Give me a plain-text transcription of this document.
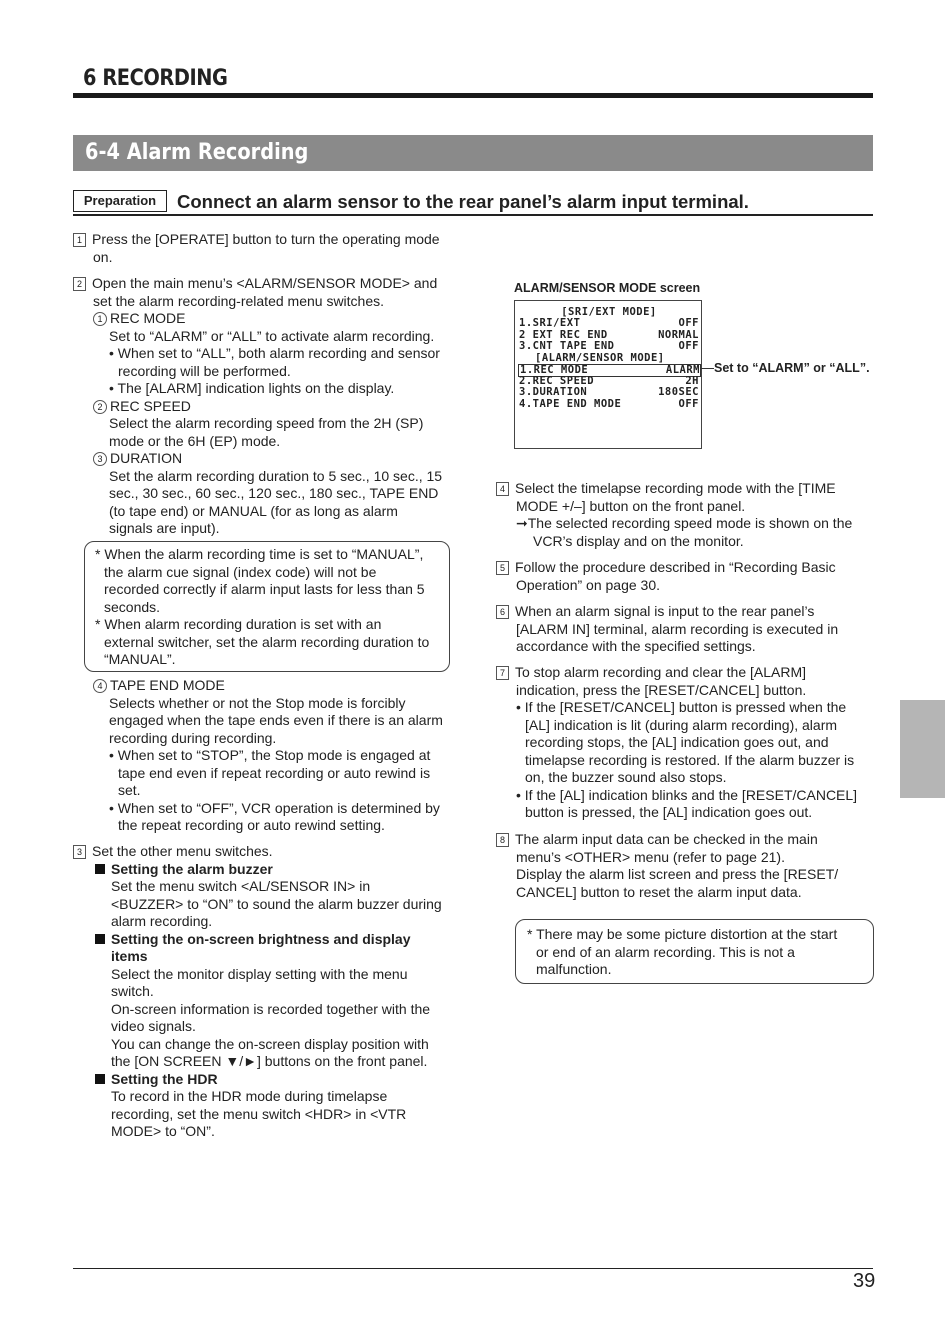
6 RECORDING
6-4 Alarm Recording
Preparation	Connect an alarm sensor to the rear panel’s alarm input terminal.
1 Press the [OPERATE] button to turn the operating mode
on.
2 Open the main menu’s <ALARM/SENSOR MODE> and
set the alarm recording-related menu switches.
1 REC MODE
Set to “ALARM” or “ALL” to activate alarm recording.
• When set to “ALL”, both alarm recording and sensor
recording will be performed.
• The [ALARM] indication lights on the display.
2 REC SPEED
Select the alarm recording speed from the 2H (SP)
mode or the 6H (EP) mode.
3 DURATION
Set the alarm recording duration to 5 sec., 10 sec., 15
sec., 30 sec., 60 sec., 120 sec., 180 sec., TAPE END
(to tape end) or MANUAL (for as long as alarm
signals are input).
* When the alarm recording time is set to “MANUAL”,
the alarm cue signal (index code) will not be
recorded correctly if alarm input lasts for less than 5
seconds.
* When alarm recording duration is set with an
external switcher, set the alarm recording duration to
“MANUAL”.
4 TAPE END MODE
Selects whether or not the Stop mode is forcibly
engaged when the tape ends even if there is an alarm
recording during recording.
• When set to “STOP”, the Stop mode is engaged at
tape end even if repeat recording or auto rewind is
set.
• When set to “OFF”, VCR operation is determined by
the repeat recording or auto rewind setting.
3 Set the other menu switches.
Setting the alarm buzzer
Set the menu switch <AL/SENSOR IN> in
<BUZZER> to “ON” to sound the alarm buzzer during
alarm recording.
Setting the on-screen brightness and display
items
Select the monitor display setting with the menu
switch.
On-screen information is recorded together with the
video signals.
You can change the on-screen display position with
the [ON SCREEN ▼/►] buttons on the front panel.
Setting the HDR
To record in the HDR mode during timelapse
recording, set the menu switch <HDR> in <VTR
MODE> to “ON”.
ALARM/SENSOR MODE screen
[SRI/EXT MODE]
1.SRI/EXT	OFF
2 EXT REC END	NORMAL
3.CNT TAPE END	OFF
[ALARM/SENSOR MODE]
1.REC MODE	ALARM
2.REC SPEED	2H
3.DURATION	180SEC
4.TAPE END MODE	OFF
Set to “ALARM” or “ALL”.
4 Select the timelapse recording mode with the [TIME
MODE +/–] button on the front panel.
➞The selected recording speed mode is shown on the
VCR’s display and on the monitor.
5 Follow the procedure described in “Recording Basic
Operation” on page 30.
6 When an alarm signal is input to the rear panel’s
[ALARM IN] terminal, alarm recording is executed in
accordance with the specified settings.
7 To stop alarm recording and clear the [ALARM]
indication, press the [RESET/CANCEL] button.
• If the [RESET/CANCEL] button is pressed when the
[AL] indication is lit (during alarm recording), alarm
recording stops, the [AL] indication goes out, and
timelapse recording is restored. If the alarm buzzer is
on, the buzzer sound also stops.
• If the [AL] indication blinks and the [RESET/CANCEL]
button is pressed, the [AL] indication goes out.
8 The alarm input data can be checked in the main
menu’s <OTHER> menu (refer to page 21).
Display the alarm list screen and press the [RESET/
CANCEL] button to reset the alarm input data.
* There may be some picture distortion at the start
or end of an alarm recording. This is not a
malfunction.
39
